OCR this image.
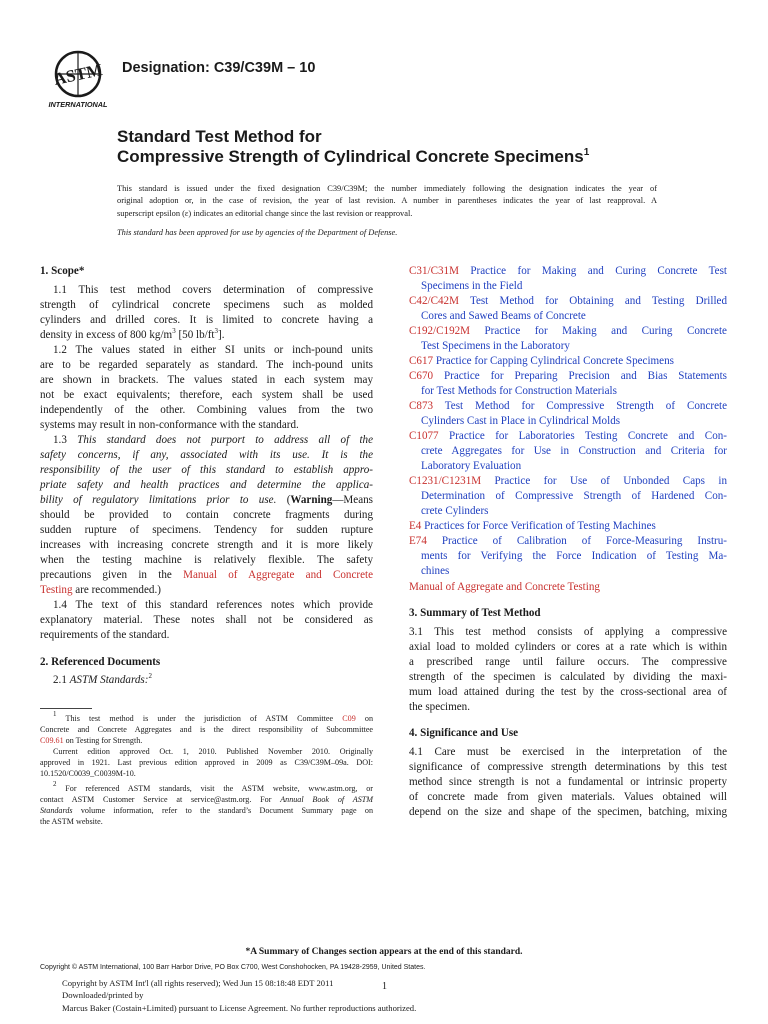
ASTM
INTERNATIONAL
Designation: C39/C39M – 10
Standard Test Method for
Compressive Strength of Cylindrical Concrete Specimens$^1$
This standard is issued under the fixed designation C39/C39M; the number immediately following the designation indicates the year of
original adoption or, in the case of revision, the year of last revision. A number in parentheses indicates the year of last reapproval. A
superscript epsilon (ε) indicates an editorial change since the last revision or reapproval.
This standard has been approved for use by agencies of the Department of Defense.
1. Scope*
1.1 This test method covers determination of compressive
strength of cylindrical concrete specimens such as molded
cylinders and drilled cores. It is limited to concrete having a
density in excess of 800 $kg/m^3$ [50 $lb/ft^3$].
1.2 The values stated in either SI units or inch-pound units
are to be regarded separately as standard. The inch-pound units
are shown in brackets. The values stated in each system may
not be exact equivalents; therefore, each system shall be used
independently of the other. Combining values from the two
systems may result in non-conformance with the standard.
1.3 This standard does not purport to address all of the
safety concerns, if any, associated with its use. It is the
responsibility of the user of this standard to establish appro-
priate safety and health practices and determine the applica-
bility of regulatory limitations prior to use. (Warning—Means
should be provided to contain concrete fragments during
sudden rupture of specimens. Tendency for sudden rupture
increases with increasing concrete strength and it is more likely
when the testing machine is relatively flexible. The safety
precautions given in the Manual of Aggregate and Concrete
Testing are recommended.)
1.4 The text of this standard references notes which provide
explanatory material. These notes shall not be considered as
requirements of the standard.
2. Referenced Documents
2.1 ASTM Standards:$^2$
$^1$ This test method is under the jurisdiction of ASTM Committee C09 on
Concrete and Concrete Aggregates and is the direct responsibility of Subcommittee
C09.61 on Testing for Strength.
Current edition approved Oct. 1, 2010. Published November 2010. Originally
approved in 1921. Last previous edition approved in 2009 as C39/C39M–09a. DOI:
10.1520/C0039_C0039M-10.
$^2$ For referenced ASTM standards, visit the ASTM website, www.astm.org, or
contact ASTM Customer Service at service@astm.org. For Annual Book of ASTM
Standards volume information, refer to the standard’s Document Summary page on
the ASTM website.
C31/C31M Practice for Making and Curing Concrete Test
Specimens in the Field
C42/C42M Test Method for Obtaining and Testing Drilled
Cores and Sawed Beams of Concrete
C192/C192M Practice for Making and Curing Concrete
Test Specimens in the Laboratory
C617 Practice for Capping Cylindrical Concrete Specimens
C670 Practice for Preparing Precision and Bias Statements
for Test Methods for Construction Materials
C873 Test Method for Compressive Strength of Concrete
Cylinders Cast in Place in Cylindrical Molds
C1077 Practice for Laboratories Testing Concrete and Con-
crete Aggregates for Use in Construction and Criteria for
Laboratory Evaluation
C1231/C1231M Practice for Use of Unbonded Caps in
Determination of Compressive Strength of Hardened Con-
crete Cylinders
E4 Practices for Force Verification of Testing Machines
E74 Practice of Calibration of Force-Measuring Instru-
ments for Verifying the Force Indication of Testing Ma-
chines
Manual of Aggregate and Concrete Testing
3. Summary of Test Method
3.1 This test method consists of applying a compressive
axial load to molded cylinders or cores at a rate which is within
a prescribed range until failure occurs. The compressive
strength of the specimen is calculated by dividing the maxi-
mum load attained during the test by the cross-sectional area of
the specimen.
4. Significance and Use
4.1 Care must be exercised in the interpretation of the
significance of compressive strength determinations by this test
method since strength is not a fundamental or intrinsic property
of concrete made from given materials. Values obtained will
depend on the size and shape of the specimen, batching, mixing
*A Summary of Changes section appears at the end of this standard.
Copyright © ASTM International, 100 Barr Harbor Drive, PO Box C700, West Conshohocken, PA 19428-2959, United States.
Copyright by ASTM Int'l (all rights reserved); Wed Jun 15 08:18:48 EDT 2011	1
Downloaded/printed by
Marcus Baker (Costain+Limited) pursuant to License Agreement. No further reproductions authorized.
